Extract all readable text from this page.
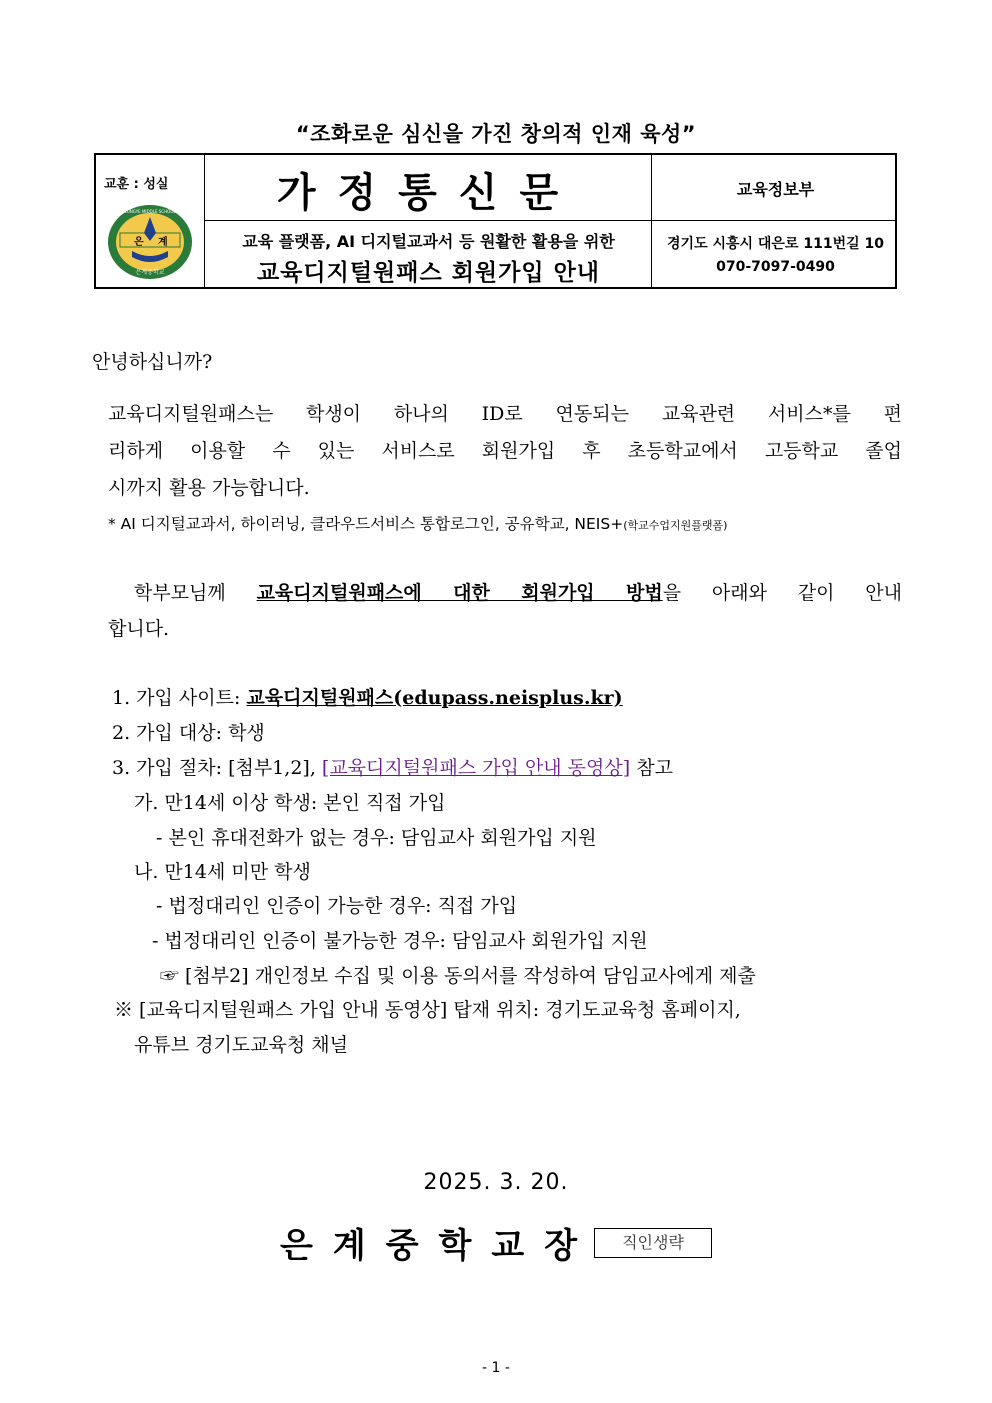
“조화로운 심신을 가진 창의적 인재 육성”
교훈 : 성실
은 계
은계중학교
EUNGYE MIDDLE SCHOOL	가정통신문	교육정보부
교육 플랫폼, AI 디지털교과서 등 원활한 활용을 위한
교육디지털원패스 회원가입 안내
경기도 시흥시 대은로 111번길 10
070-7097-0490
안녕하십니까?
교육디지털원패스는 학생이 하나의 ID로 연동되는 교육관련 서비스*를 편
리하게 이용할 수 있는 서비스로 회원가입 후 초등학교에서 고등학교 졸업
시까지 활용 가능합니다.
* AI 디지털교과서, 하이러닝, 클라우드서비스 통합로그인, 공유학교, NEIS+(학교수업지원플랫폼)
학부모님께 교육디지털원패스에 대한 회원가입 방법을 아래와 같이 안내
합니다.
1. 가입 사이트: 교육디지털원패스(edupass.neisplus.kr)
2. 가입 대상: 학생
3. 가입 절차: [첨부1,2], [교육디지털원패스 가입 안내 동영상] 참고
가. 만14세 이상 학생: 본인 직접 가입
- 본인 휴대전화가 없는 경우: 담임교사 회원가입 지원
나. 만14세 미만 학생
- 법정대리인 인증이 가능한 경우: 직접 가입
- 법정대리인 인증이 불가능한 경우: 담임교사 회원가입 지원
☞ [첨부2] 개인정보 수집 및 이용 동의서를 작성하여 담임교사에게 제출
※ [교육디지털원패스 가입 안내 동영상] 탑재 위치: 경기도교육청 홈페이지,
유튜브 경기도교육청 채널
2025. 3. 20.
은계중학교장	직인생략
- 1 -
